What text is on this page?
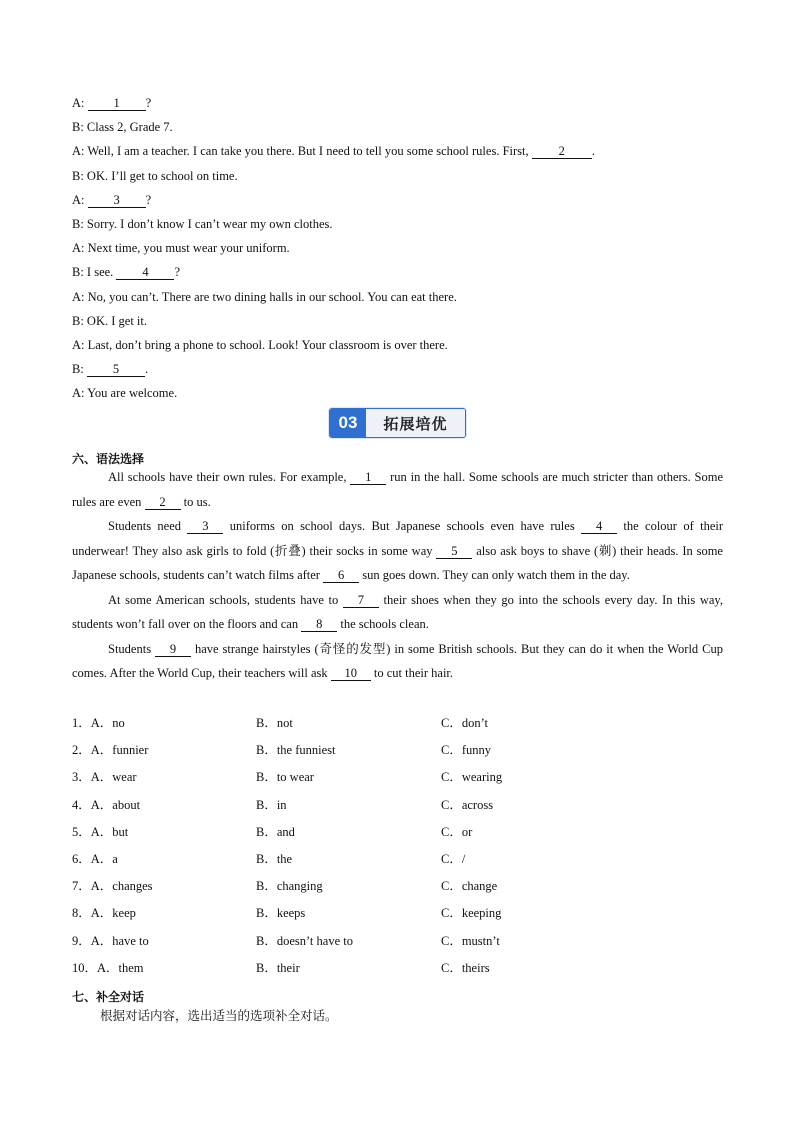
A: 1 ?
B: Class 2, Grade 7.
A: Well, I am a teacher. I can take you there. But I need to tell you some school rules. First, 2 .
B: OK. I’ll get to school on time.
A: 3 ?
B: Sorry. I don’t know I can’t wear my own clothes.
A: Next time, you must wear your uniform.
B: I see. 4 ?
A: No, you can’t. There are two dining halls in our school. You can eat there.
B: OK. I get it.
A: Last, don’t bring a phone to school. Look! Your classroom is over there.
B: 5 .
A: You are welcome.
03	拓展培优
六、语法选择

All schools have their own rules. For example, 1 run in the hall. Some schools are much stricter than others. Some rules are even 2 to us.

Students need 3 uniforms on school days. But Japanese schools even have rules 4 the colour of their underwear! They also ask girls to fold (折叠) their socks in some way 5 also ask boys to shave (剃) their heads. In some Japanese schools, students can’t watch films after 6 sun goes down. They can only watch them in the day.

At some American schools, students have to 7 their shoes when they go into the schools every day. In this way, students won’t fall over on the floors and can 8 the schools clean.

Students 9 have strange hairstyles (奇怪的发型) in some British schools. But they can do it when the World Cup comes. After the World Cup, their teachers will ask 10 to cut their hair.

1．A．no	B．not	C．don’t
2．A．funnier	B．the funniest	C．funny
3．A．wear	B．to wear	C．wearing
4．A．about	B．in	C．across
5．A．but	B．and	C．or
6．A．a	B．the	C．/
7．A．changes	B．changing	C．change
8．A．keep	B．keeps	C．keeping
9．A．have to	B．doesn’t have to	C．mustn’t
10．A．them	B．their	C．theirs
七、补全对话
根据对话内容，选出适当的选项补全对话。
